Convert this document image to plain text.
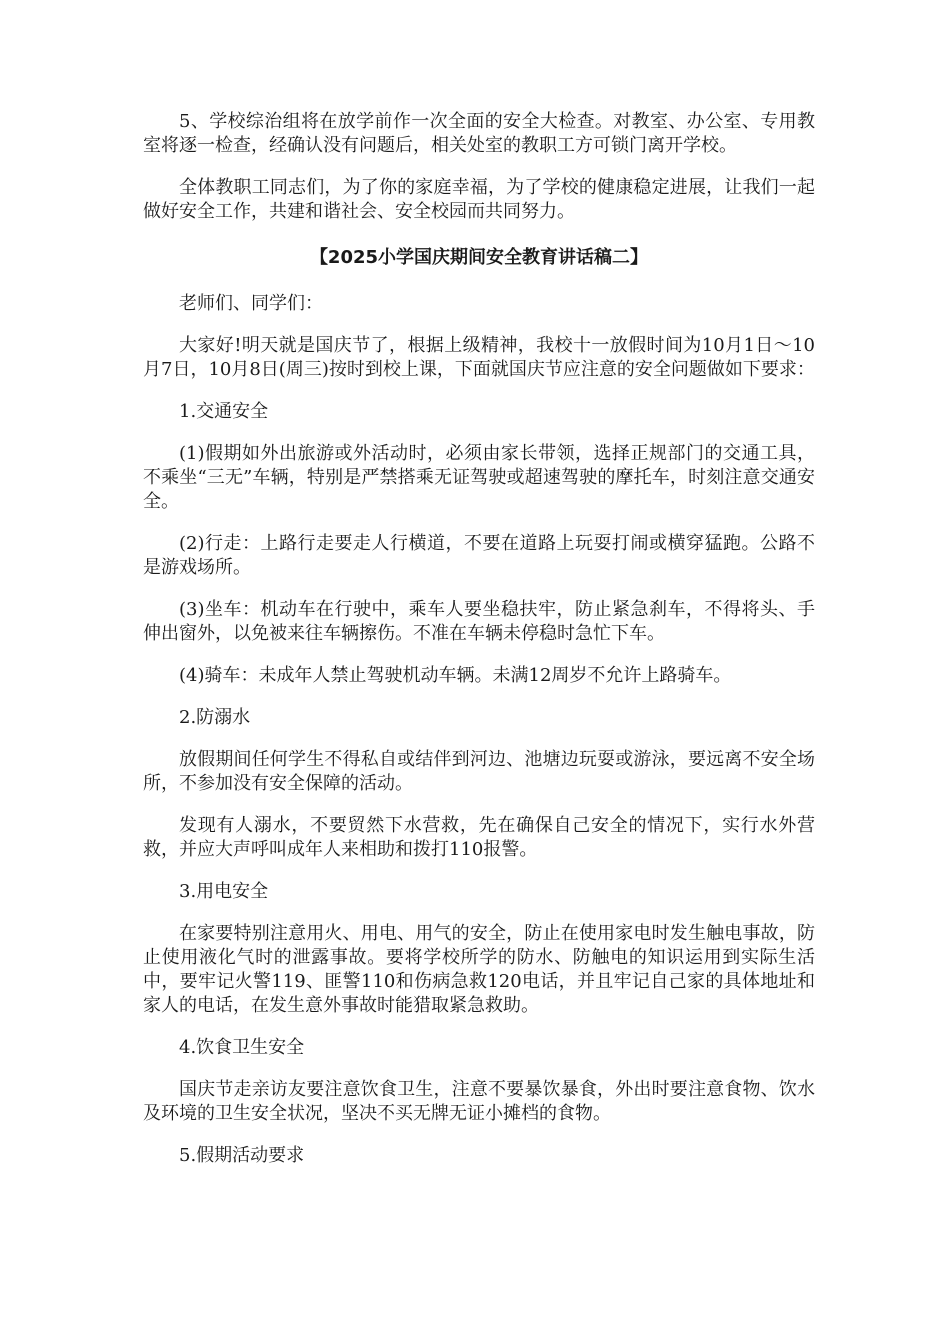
5、学校综治组将在放学前作一次全面的安全大检查。对教室、办公室、专用教室将逐一检查，经确认没有问题后，相关处室的教职工方可锁门离开学校。

全体教职工同志们，为了你的家庭幸福，为了学校的健康稳定进展，让我们一起做好安全工作，共建和谐社会、安全校园而共同努力。

【2025小学国庆期间安全教育讲话稿二】

老师们、同学们：

大家好!明天就是国庆节了，根据上级精神，我校十一放假时间为10月1日～10月7日，10月8日(周三)按时到校上课，下面就国庆节应注意的安全问题做如下要求：

1.交通安全

(1)假期如外出旅游或外活动时，必须由家长带领，选择正规部门的交通工具，不乘坐“三无”车辆，特别是严禁搭乘无证驾驶或超速驾驶的摩托车，时刻注意交通安全。

(2)行走：上路行走要走人行横道，不要在道路上玩耍打闹或横穿猛跑。公路不是游戏场所。

(3)坐车：机动车在行驶中，乘车人要坐稳扶牢，防止紧急刹车，不得将头、手伸出窗外，以免被来往车辆擦伤。不准在车辆未停稳时急忙下车。

(4)骑车：未成年人禁止驾驶机动车辆。未满12周岁不允许上路骑车。

2.防溺水

放假期间任何学生不得私自或结伴到河边、池塘边玩耍或游泳，要远离不安全场所，不参加没有安全保障的活动。

发现有人溺水，不要贸然下水营救，先在确保自己安全的情况下，实行水外营救，并应大声呼叫成年人来相助和拨打110报警。

3.用电安全

在家要特别注意用火、用电、用气的安全，防止在使用家电时发生触电事故，防止使用液化气时的泄露事故。要将学校所学的防水、防触电的知识运用到实际生活中，要牢记火警119、匪警110和伤病急救120电话，并且牢记自己家的具体地址和家人的电话，在发生意外事故时能猎取紧急救助。

4.饮食卫生安全

国庆节走亲访友要注意饮食卫生，注意不要暴饮暴食，外出时要注意食物、饮水及环境的卫生安全状况，坚决不买无牌无证小摊档的食物。

5.假期活动要求
